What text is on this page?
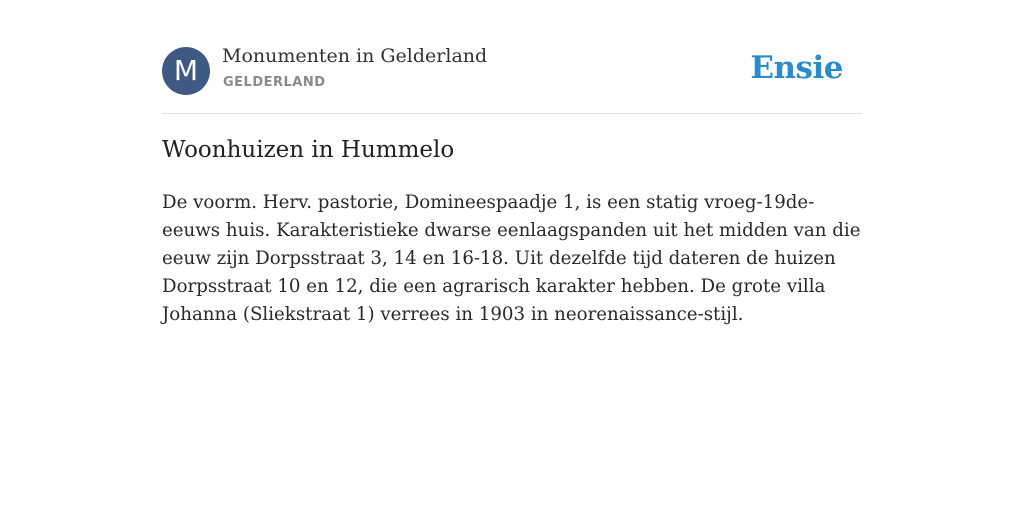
M	Monumenten in Gelderland
GELDERLAND	Ensie
Woonhuizen in Hummelo

De voorm. Herv. pastorie, Domineespaadje 1, is een statig vroeg-19de-eeuws huis. Karakteristieke dwarse eenlaagspanden uit het midden van die eeuw zijn Dorpsstraat 3, 14 en 16-18. Uit dezelfde tijd dateren de huizen Dorpsstraat 10 en 12, die een agrarisch karakter hebben. De grote villa Johanna (Sliekstraat 1) verrees in 1903 in neorenaissance-stijl.
